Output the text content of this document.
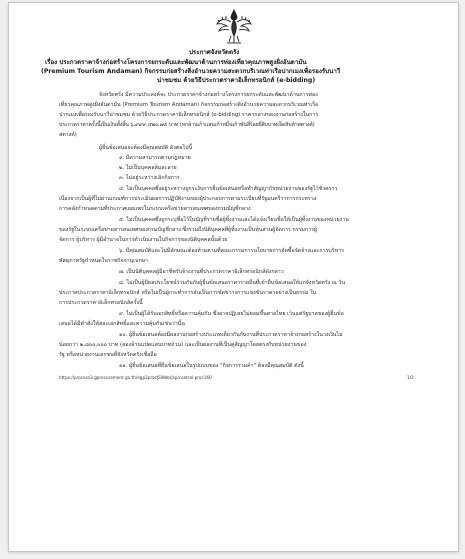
ประกาศจังหวัดตรัง
เรื่อง ประกวดราคาจ้างก่อสร้างโครงการยกระดับและพัฒนาด้านการท่องเที่ยวคุณภาพสูงฝั่งอันดามัน
(Premium Tourism Andaman) กิจกรรมก่อสร้างสิ่งอำนวยความสะดวกบริเวณท่าเรือปากเมงเพื่อรองรับนาวี
น่าชมชม ด้วยวิธีประกวดราคาอิเล็กทรอนิกส์ (e-bidding)
จังหวัดตรัง มีความประสงค์จะ ประกวดราคาจ้างก่อสร้างโครงการยกระดับและพัฒนาด้านการท่อง
เที่ยวคุณภาพสูงฝั่งอันดามัน (Premium Tourism Andaman) กิจกรรมก่อสร้างสิ่งอำนวยความสะดวกบริเวณท่าเรือ
ปากเมงเพื่อรองรับนาวีน่าชมชม ด้วยวิธีประกวดราคาอิเล็กทรอนิกส์ (e-bidding) ราคากลางของงานก่อสร้างในการ
ประกวดราคาครั้งนี้เป็นเงินทั้งสิ้น ๖,๙๙๙,๔๒๐.๗๕ บาท (หกล้านเก้าแสนเก้าหมื่นเก้าพันสี่ร้อยยี่สิบบาทเจ็ดสิบห้าสตางค์)
สตางค์)
ผู้ยื่นข้อเสนอจะต้องมีคุณสมบัติ ดังต่อไปนี้
๑. มีความสามารถตามกฎหมาย
๒. ไม่เป็นบุคคลล้มละลาย
๓. ไม่อยู่ระหว่างเลิกกิจการ
๔. ไม่เป็นบุคคลซึ่งอยู่ระหว่างถูกระงับการยื่นข้อเสนอหรือทำสัญญากับหน่วยงานของรัฐไว้ชั่วคราว
เนื่องจากเป็นผู้ที่ไม่ผ่านเกณฑ์การประเมินผลการปฏิบัติงานของผู้ประกอบการตามระเบียบที่รัฐมนตรีว่าการกระทรวง
การคลังกำหนดตามที่ประกาศเผยแพร่ในระบบเครือข่ายสารสนเทศของกรมบัญชีกลาง
๕. ไม่เป็นบุคคลซึ่งถูกระบุชื่อไว้ในบัญชีรายชื่อผู้ทิ้งงานและได้แจ้งเวียนชื่อให้เป็นผู้ทิ้งงานของหน่วยงาน
ของรัฐในระบบเครือข่ายสารสนเทศของกรมบัญชีกลาง ซึ่งรวมถึงนิติบุคคลที่ผู้ทิ้งงานเป็นหุ้นส่วนผู้จัดการ กรรมการผู้
จัดการ ผู้บริหาร ผู้มีอำนาจในการดำเนินงานในกิจการของนิติบุคคลนั้นด้วย
๖. มีคุณสมบัติและไม่มีลักษณะต้องห้ามตามที่คณะกรรมการนโยบายการจัดซื้อจัดจ้างและการบริหาร
พัสดุภาครัฐกำหนดในราชกิจจานุเบกษา
๗. เป็นนิติบุคคลผู้มีอาชีพรับจ้างงานที่ประกวดราคาอิเล็กทรอนิกส์ดังกล่าว
๘. ไม่เป็นผู้มีผลประโยชน์ร่วมกันกับผู้ยื่นข้อเสนอราคารายอื่นที่เข้ายื่นข้อเสนอให้แก่จังหวัดตรัง ณ วัน
ประกาศประกวดราคาอิเล็กทรอนิกส์ หรือไม่เป็นผู้กระทำการอันเป็นการขัดขวางการแข่งขันราคาอย่างเป็นธรรม ใน
การประกวดราคาอิเล็กทรอนิกส์ครั้งนี้
๙. ไม่เป็นผู้ได้รับเอกสิทธิ์หรือความคุ้มกัน ซึ่งอาจปฏิเสธไม่ยอมขึ้นศาลไทย เว้นแต่รัฐบาลของผู้ยื่นข้อ
เสนอได้มีคำสั่งให้สละเอกสิทธิ์และความคุ้มกันเช่นว่านั้น
๑๐. ผู้ยื่นข้อเสนอต้องมีผลงานก่อสร้างประเภทเดียวกันกับงานที่ประกวดราคาจ้างก่อสร้างในวงเงินไม่
น้อยกว่า ๒,๘๐๐,๐๐๐ บาท (สองล้านแปดแสนบาทถ้วน) และเป็นผลงานที่เป็นคู่สัญญาโดยตรงกับหน่วยงานของ
รัฐ หรือหน่วยงานเอกชนที่จังหวัดตรังเชื่อถือ
๑๑. ผู้ยื่นข้อเสนอที่ยื่นข้อเสนอในรูปแบบของ "กิจการร่วมค้า" ต้องมีคุณสมบัติ ดังนี้
https://process3.gprocurement.go.th/egp2procJSWeb/jsp/control.proc160	1/2
